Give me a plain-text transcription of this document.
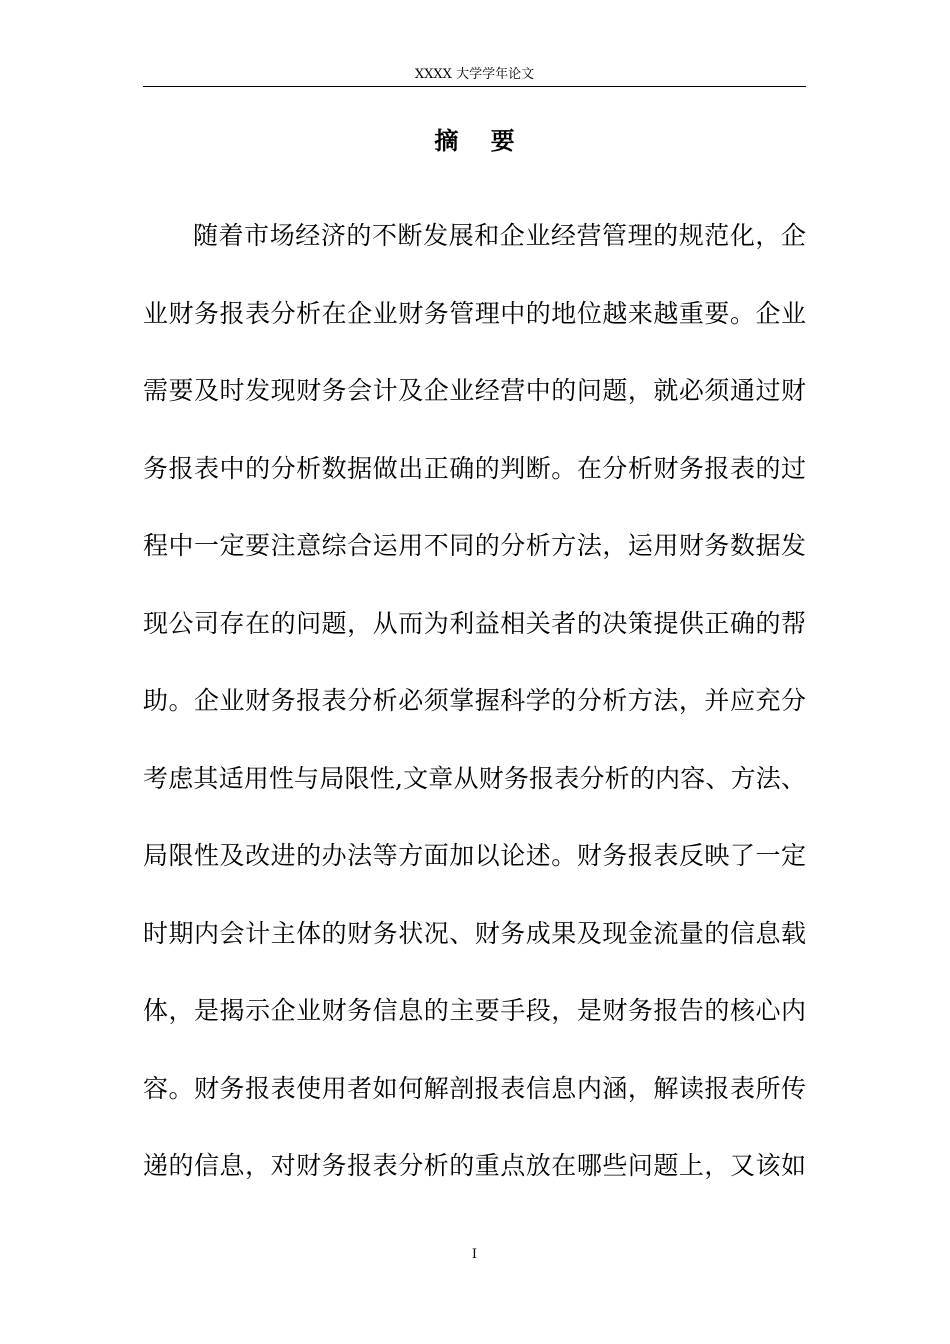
XXXX 大学学年论文
摘 要
随着市场经济的不断发展和企业经营管理的规范化，企
业财务报表分析在企业财务管理中的地位越来越重要。企业
需要及时发现财务会计及企业经营中的问题，就必须通过财
务报表中的分析数据做出正确的判断。在分析财务报表的过
程中一定要注意综合运用不同的分析方法，运用财务数据发
现公司存在的问题，从而为利益相关者的决策提供正确的帮
助。企业财务报表分析必须掌握科学的分析方法，并应充分
考虑其适用性与局限性,文章从财务报表分析的内容、方法、
局限性及改进的办法等方面加以论述。财务报表反映了一定
时期内会计主体的财务状况、财务成果及现金流量的信息载
体，是揭示企业财务信息的主要手段，是财务报告的核心内
容。财务报表使用者如何解剖报表信息内涵，解读报表所传
递的信息，对财务报表分析的重点放在哪些问题上，又该如
I
